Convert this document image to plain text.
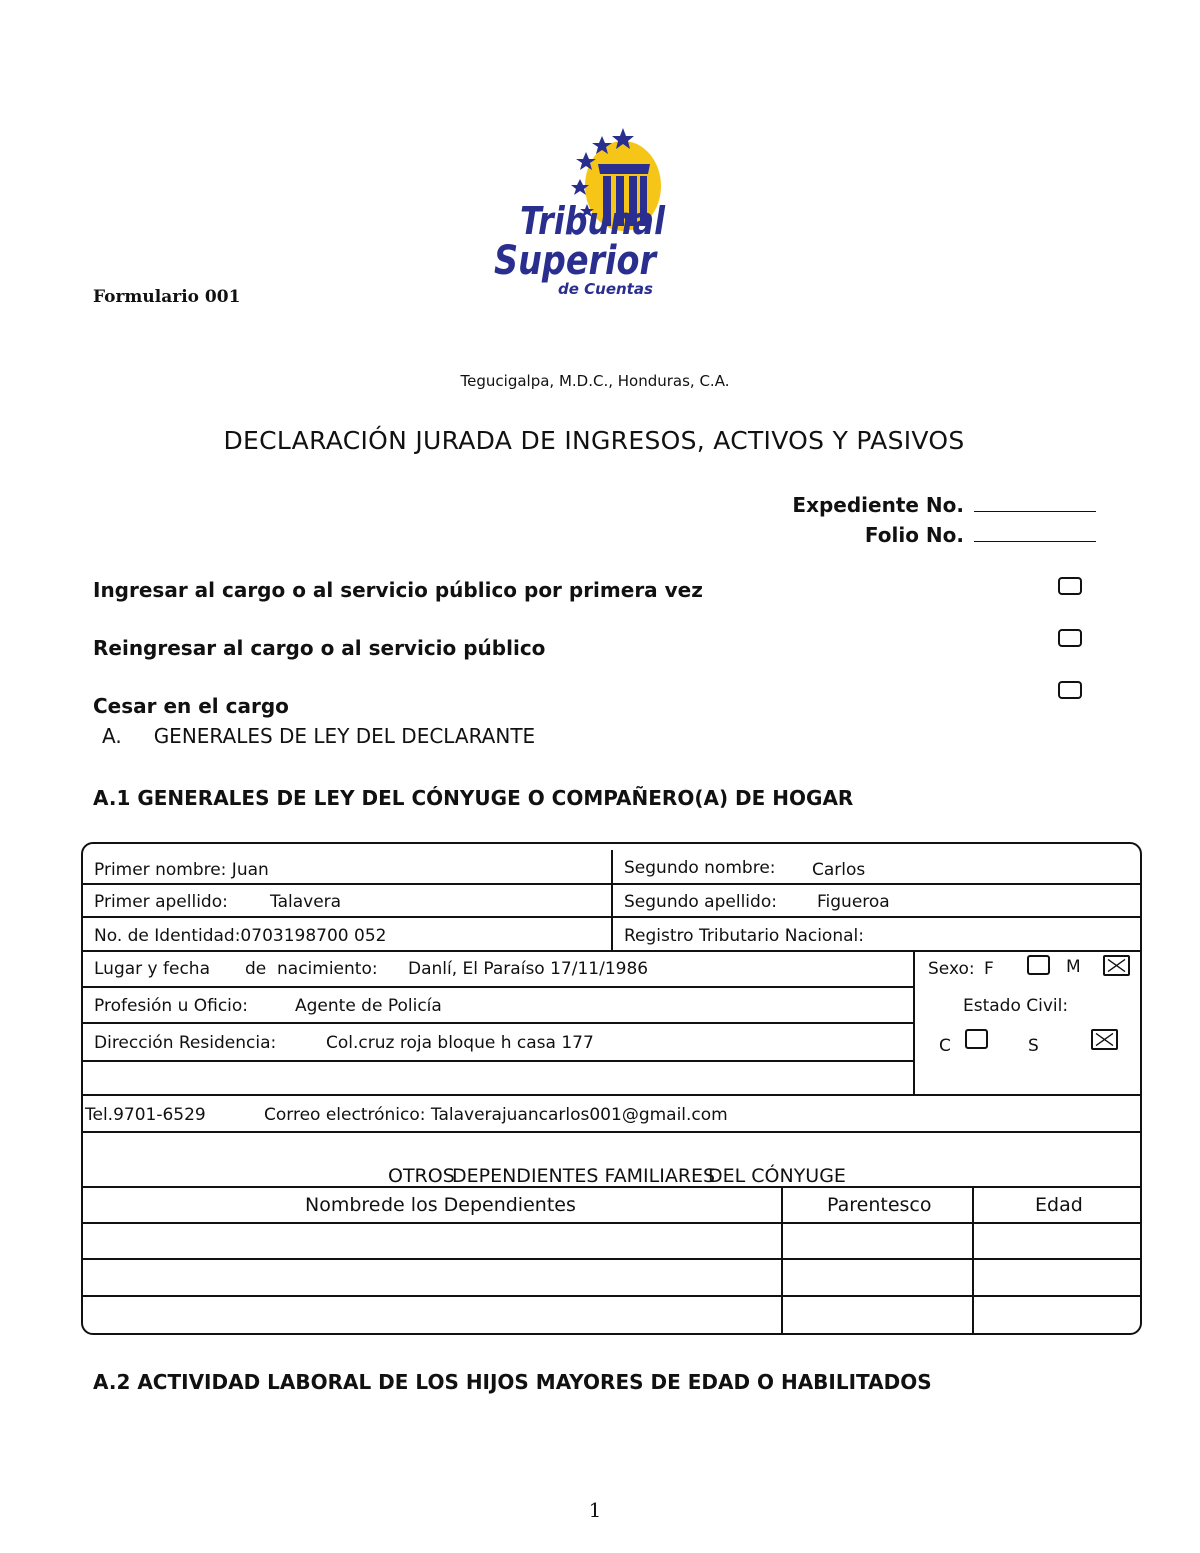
Formulario 001
Tribunal
Superior
de Cuentas
Tegucigalpa, M.D.C., Honduras, C.A.
DECLARACIÓN JURADA DE INGRESOS, ACTIVOS Y PASIVOS
Expediente No.
Folio No.
Ingresar al cargo o al servicio público por primera vez
Reingresar al cargo o al servicio público
Cesar en el cargo
A. GENERALES DE LEY DEL DECLARANTE
A.1 GENERALES DE LEY DEL CÓNYUGE O COMPAÑERO(A) DE HOGAR
Primer nombre: Juan	Segundo nombre: Carlos
Primer apellido: Talavera	Segundo apellido: Figueroa
No. de Identidad:0703198700 052	Registro Tributario Nacional:
Lugar y fecha de nacimiento: Danlí, El Paraíso 17/11/1986	Sexo: F	M
Profesión u Oficio:	Agente de Policía	Estado Civil:
Dirección Residencia:	Col.cruz roja bloque h casa 177	C	S
Tel.9701-6529	Correo electrónico: Talaverajuancarlos001@gmail.com
OTROS
DEPENDIENTES FAMILIARES
DEL CÓNYUGE
Nombre de los Dependientes	Parentesco	Edad
A.2 ACTIVIDAD LABORAL DE LOS HIJOS MAYORES DE EDAD O HABILITADOS
1
